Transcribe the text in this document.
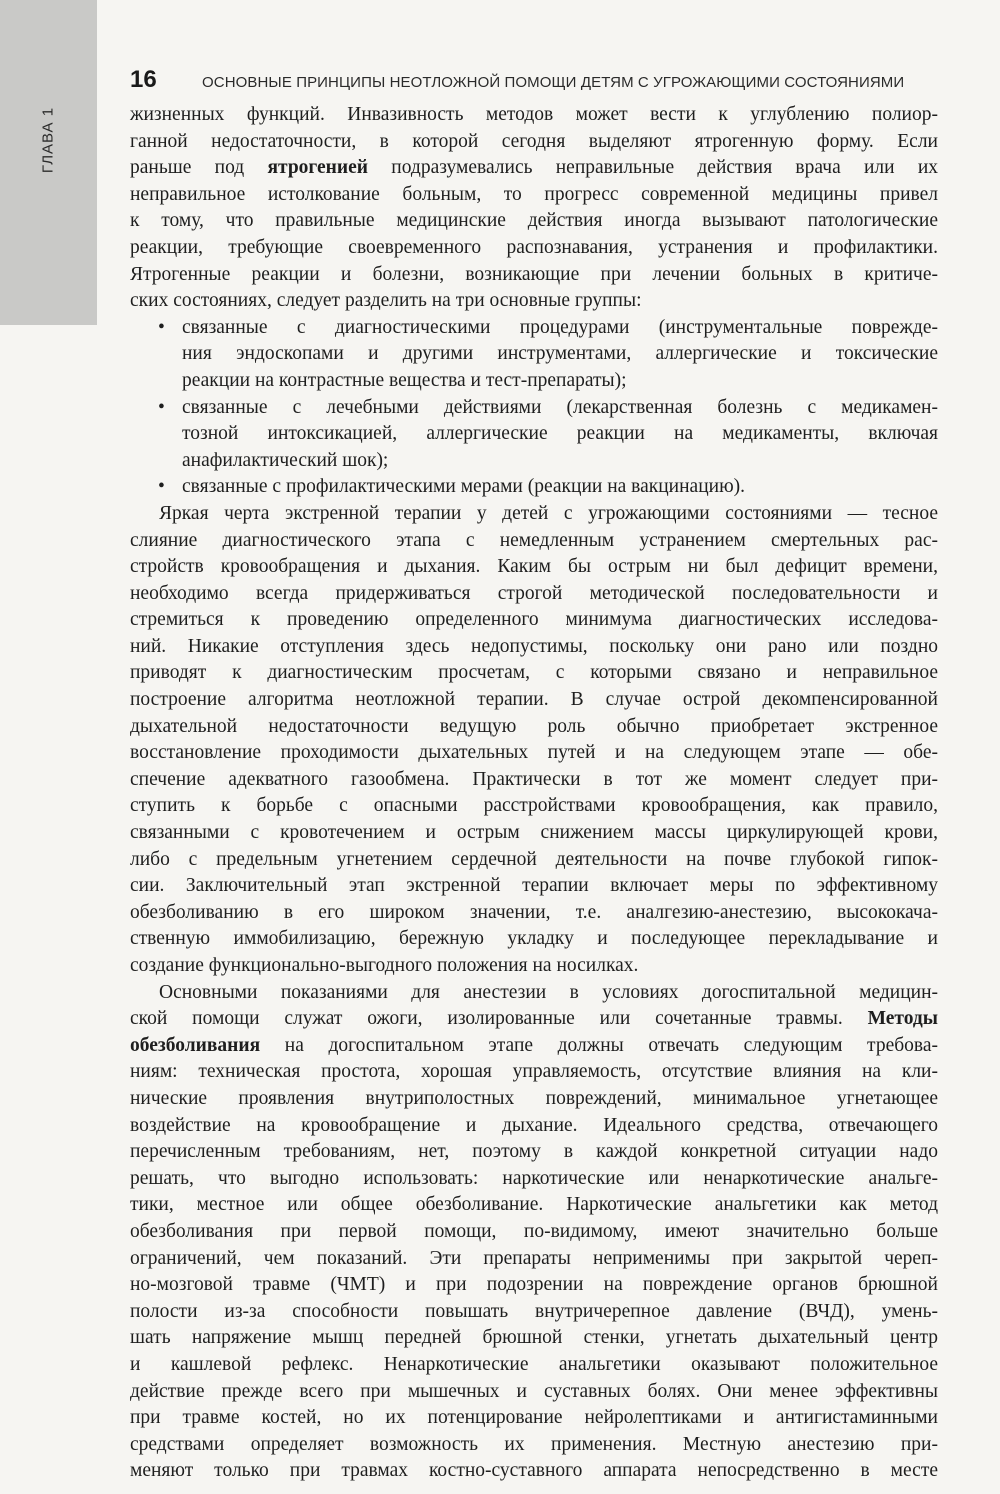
ГЛАВА 1
16	ОСНОВНЫЕ ПРИНЦИПЫ НЕОТЛОЖНОЙ ПОМОЩИ ДЕТЯМ С УГРОЖАЮЩИМИ СОСТОЯНИЯМИ
жизненных функций. Инвазивность методов может вести к углублению полиор-
ганной недостаточности, в которой сегодня выделяют ятрогенную форму. Если
раньше под ятрогенией подразумевались неправильные действия врача или их
неправильное истолкование больным, то прогресс современной медицины привел
к тому, что правильные медицинские действия иногда вызывают патологические
реакции, требующие своевременного распознавания, устранения и профилактики.
Ятрогенные реакции и болезни, возникающие при лечении больных в критиче-
ских состояниях, следует разделить на три основные группы:
• связанные с диагностическими процедурами (инструментальные поврежде-
ния эндоскопами и другими инструментами, аллергические и токсические
реакции на контрастные вещества и тест-препараты);
• связанные с лечебными действиями (лекарственная болезнь с медикамен-
тозной интоксикацией, аллергические реакции на медикаменты, включая
анафилактический шок);
• связанные с профилактическими мерами (реакции на вакцинацию).
Яркая черта экстренной терапии у детей с угрожающими состояниями — тесное
слияние диагностического этапа с немедленным устранением смертельных рас-
стройств кровообращения и дыхания. Каким бы острым ни был дефицит времени,
необходимо всегда придерживаться строгой методической последовательности и
стремиться к проведению определенного минимума диагностических исследова-
ний. Никакие отступления здесь недопустимы, поскольку они рано или поздно
приводят к диагностическим просчетам, с которыми связано и неправильное
построение алгоритма неотложной терапии. В случае острой декомпенсированной
дыхательной недостаточности ведущую роль обычно приобретает экстренное
восстановление проходимости дыхательных путей и на следующем этапе — обе-
спечение адекватного газообмена. Практически в тот же момент следует при-
ступить к борьбе с опасными расстройствами кровообращения, как правило,
связанными с кровотечением и острым снижением массы циркулирующей крови,
либо с предельным угнетением сердечной деятельности на почве глубокой гипок-
сии. Заключительный этап экстренной терапии включает меры по эффективному
обезболиванию в его широком значении, т.е. аналгезию-анестезию, высококача-
ственную иммобилизацию, бережную укладку и последующее перекладывание и
создание функционально-выгодного положения на носилках.
Основными показаниями для анестезии в условиях догоспитальной медицин-
ской помощи служат ожоги, изолированные или сочетанные травмы. Методы
обезболивания на догоспитальном этапе должны отвечать следующим требова-
ниям: техническая простота, хорошая управляемость, отсутствие влияния на кли-
нические проявления внутриполостных повреждений, минимальное угнетающее
воздействие на кровообращение и дыхание. Идеального средства, отвечающего
перечисленным требованиям, нет, поэтому в каждой конкретной ситуации надо
решать, что выгодно использовать: наркотические или ненаркотические анальге-
тики, местное или общее обезболивание. Наркотические анальгетики как метод
обезболивания при первой помощи, по-видимому, имеют значительно больше
ограничений, чем показаний. Эти препараты неприменимы при закрытой череп-
но-мозговой травме (ЧМТ) и при подозрении на повреждение органов брюшной
полости из-за способности повышать внутричерепное давление (ВЧД), умень-
шать напряжение мышц передней брюшной стенки, угнетать дыхательный центр
и кашлевой рефлекс. Ненаркотические анальгетики оказывают положительное
действие прежде всего при мышечных и суставных болях. Они менее эффективны
при травме костей, но их потенцирование нейролептиками и антигистаминными
средствами определяет возможность их применения. Местную анестезию при-
меняют только при травмах костно-суставного аппарата непосредственно в месте
